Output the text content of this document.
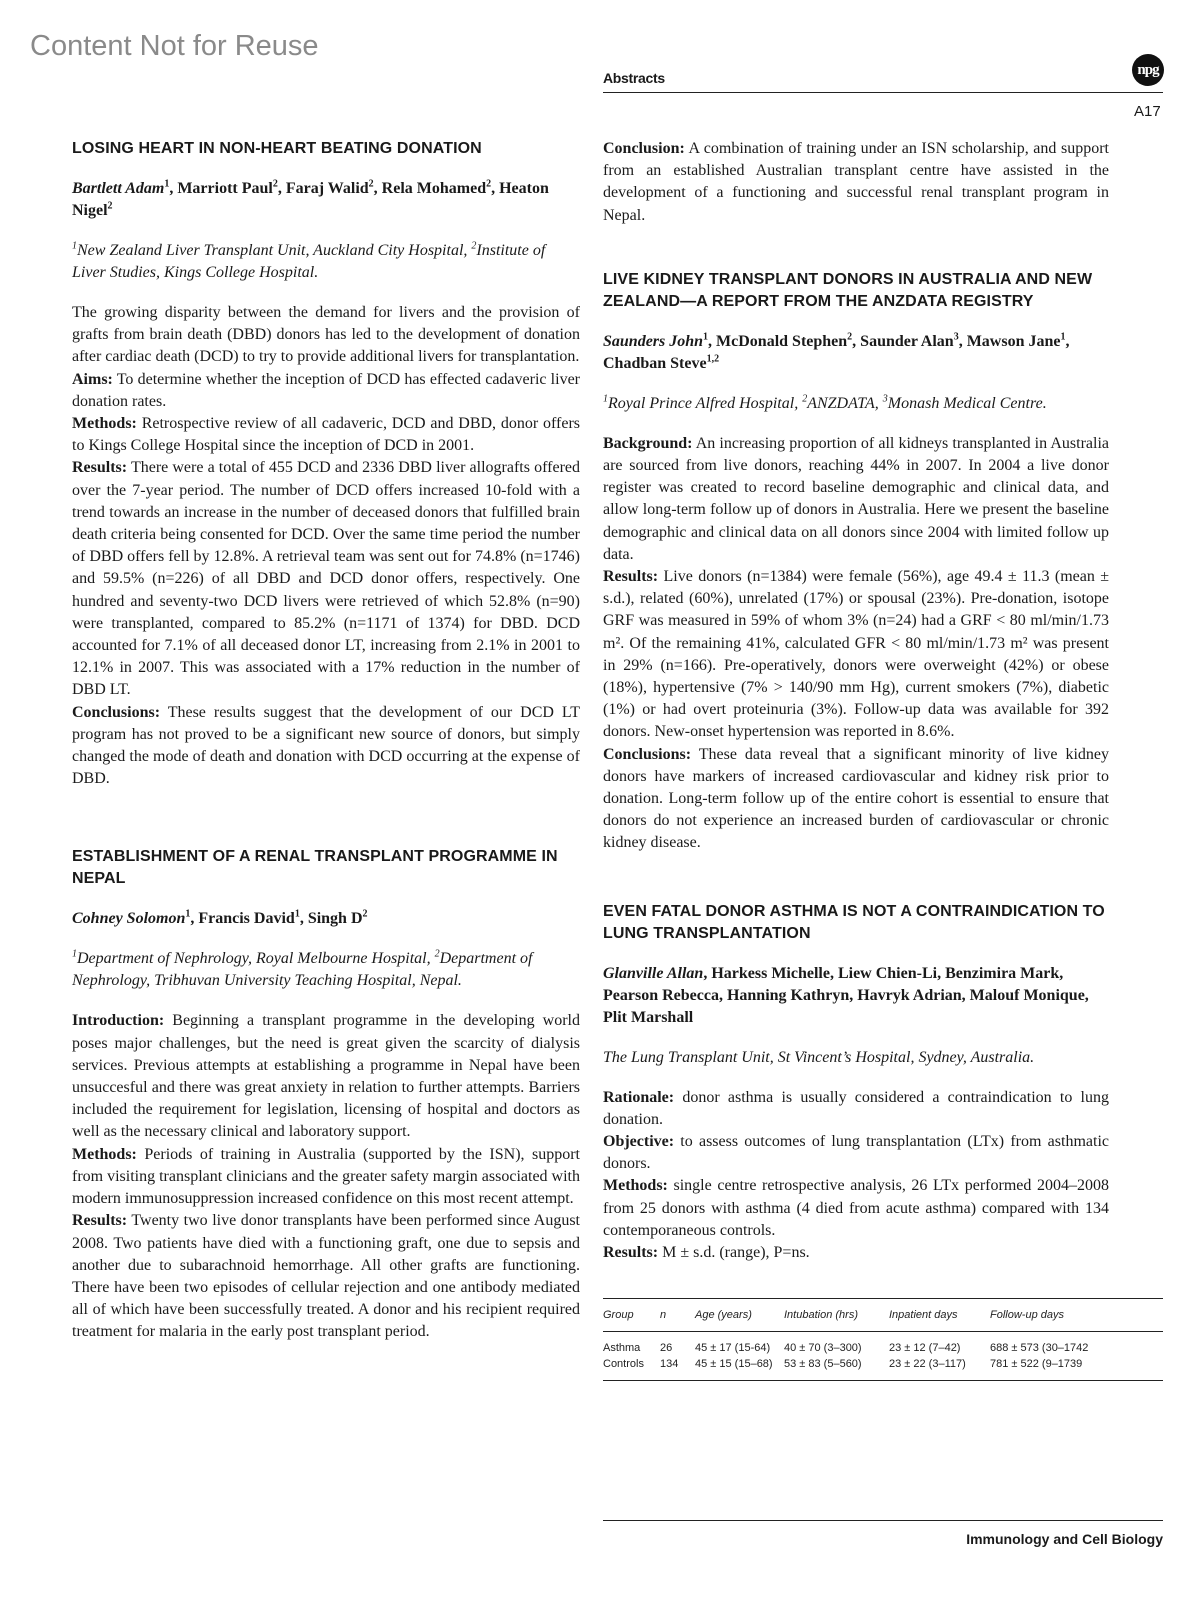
Content Not for Reuse
Abstracts
npg
A17
LOSING HEART IN NON-HEART BEATING DONATION
Bartlett Adam$^1$, Marriott Paul$^2$, Faraj Walid$^2$, Rela Mohamed$^2$, Heaton Nigel$^2$
$^1$New Zealand Liver Transplant Unit, Auckland City Hospital, $^2$Institute of Liver Studies, Kings College Hospital.

The growing disparity between the demand for livers and the provision of grafts from brain death (DBD) donors has led to the development of donation after cardiac death (DCD) to try to provide additional livers for transplantation.
Aims: To determine whether the inception of DCD has effected cadaveric liver donation rates.
Methods: Retrospective review of all cadaveric, DCD and DBD, donor offers to Kings College Hospital since the inception of DCD in 2001.
Results: There were a total of 455 DCD and 2336 DBD liver allografts offered over the 7-year period. The number of DCD offers increased 10-fold with a trend towards an increase in the number of deceased donors that fulfilled brain death criteria being consented for DCD. Over the same time period the number of DBD offers fell by 12.8%. A retrieval team was sent out for 74.8% (n=1746) and 59.5% (n=226) of all DBD and DCD donor offers, respectively. One hundred and seventy-two DCD livers were retrieved of which 52.8% (n=90) were transplanted, compared to 85.2% (n=1171 of 1374) for DBD. DCD accounted for 7.1% of all deceased donor LT, increasing from 2.1% in 2001 to 12.1% in 2007. This was associated with a 17% reduction in the number of DBD LT.
Conclusions: These results suggest that the development of our DCD LT program has not proved to be a significant new source of donors, but simply changed the mode of death and donation with DCD occurring at the expense of DBD.

ESTABLISHMENT OF A RENAL TRANSPLANT PROGRAMME IN NEPAL
Cohney Solomon$^1$, Francis David$^1$, Singh $D^2$
$^1$Department of Nephrology, Royal Melbourne Hospital, $^2$Department of Nephrology, Tribhuvan University Teaching Hospital, Nepal.

Introduction: Beginning a transplant programme in the developing world poses major challenges, but the need is great given the scarcity of dialysis services. Previous attempts at establishing a programme in Nepal have been unsuccesful and there was great anxiety in relation to further attempts. Barriers included the requirement for legislation, licensing of hospital and doctors as well as the necessary clinical and laboratory support.
Methods: Periods of training in Australia (supported by the ISN), support from visiting transplant clinicians and the greater safety margin associated with modern immunosuppression increased confidence on this most recent attempt.
Results: Twenty two live donor transplants have been performed since August 2008. Two patients have died with a functioning graft, one due to sepsis and another due to subarachnoid hemorrhage. All other grafts are functioning. There have been two episodes of cellular rejection and one antibody mediated all of which have been successfully treated. A donor and his recipient required treatment for malaria in the early post transplant period.

Conclusion: A combination of training under an ISN scholarship, and support from an established Australian transplant centre have assisted in the development of a functioning and successful renal transplant program in Nepal.

LIVE KIDNEY TRANSPLANT DONORS IN AUSTRALIA AND NEW ZEALAND—A REPORT FROM THE ANZDATA REGISTRY
Saunders John$^1$, McDonald Stephen$^2$, Saunder Alan$^3$, Mawson Jane$^1$, Chadban Steve$^{1,2}$
$^1$Royal Prince Alfred Hospital, $^2$ANZDATA, $^3$Monash Medical Centre.

Background: An increasing proportion of all kidneys transplanted in Australia are sourced from live donors, reaching 44% in 2007. In 2004 a live donor register was created to record baseline demographic and clinical data, and allow long-term follow up of donors in Australia. Here we present the baseline demographic and clinical data on all donors since 2004 with limited follow up data.
Results: Live donors (n=1384) were female (56%), age 49.4 ± 11.3 (mean ± s.d.), related (60%), unrelated (17%) or spousal (23%). Pre-donation, isotope GRF was measured in 59% of whom 3% (n=24) had a GRF < 80 ml/min/1.73 m². Of the remaining 41%, calculated GFR < 80 ml/min/1.73 m² was present in 29% (n=166). Pre-operatively, donors were overweight (42%) or obese (18%), hypertensive (7% > 140/90 mm Hg), current smokers (7%), diabetic (1%) or had overt proteinuria (3%). Follow-up data was available for 392 donors. New-onset hypertension was reported in 8.6%.
Conclusions: These data reveal that a significant minority of live kidney donors have markers of increased cardiovascular and kidney risk prior to donation. Long-term follow up of the entire cohort is essential to ensure that donors do not experience an increased burden of cardiovascular or chronic kidney disease.

EVEN FATAL DONOR ASTHMA IS NOT A CONTRAINDICATION TO LUNG TRANSPLANTATION
Glanville Allan, Harkess Michelle, Liew Chien-Li, Benzimira Mark, Pearson Rebecca, Hanning Kathryn, Havryk Adrian, Malouf Monique, Plit Marshall
The Lung Transplant Unit, St Vincent’s Hospital, Sydney, Australia.

Rationale: donor asthma is usually considered a contraindication to lung donation.
Objective: to assess outcomes of lung transplantation (LTx) from asthmatic donors.
Methods: single centre retrospective analysis, 26 LTx performed 2004–2008 from 25 donors with asthma (4 died from acute asthma) compared with 134 contemporaneous controls.
Results: M ± s.d. (range), P=ns.

Group	n	Age (years)	Intubation (hrs)	Inpatient days	Follow-up days
Asthma	26	45 ± 17 (15-64)	40 ± 70 (3–300)	23 ± 12 (7–42)	688 ± 573 (30–1742
Controls	134	45 ± 15 (15–68)	53 ± 83 (5–560)	23 ± 22 (3–117)	781 ± 522 (9–1739
Immunology and Cell Biology
